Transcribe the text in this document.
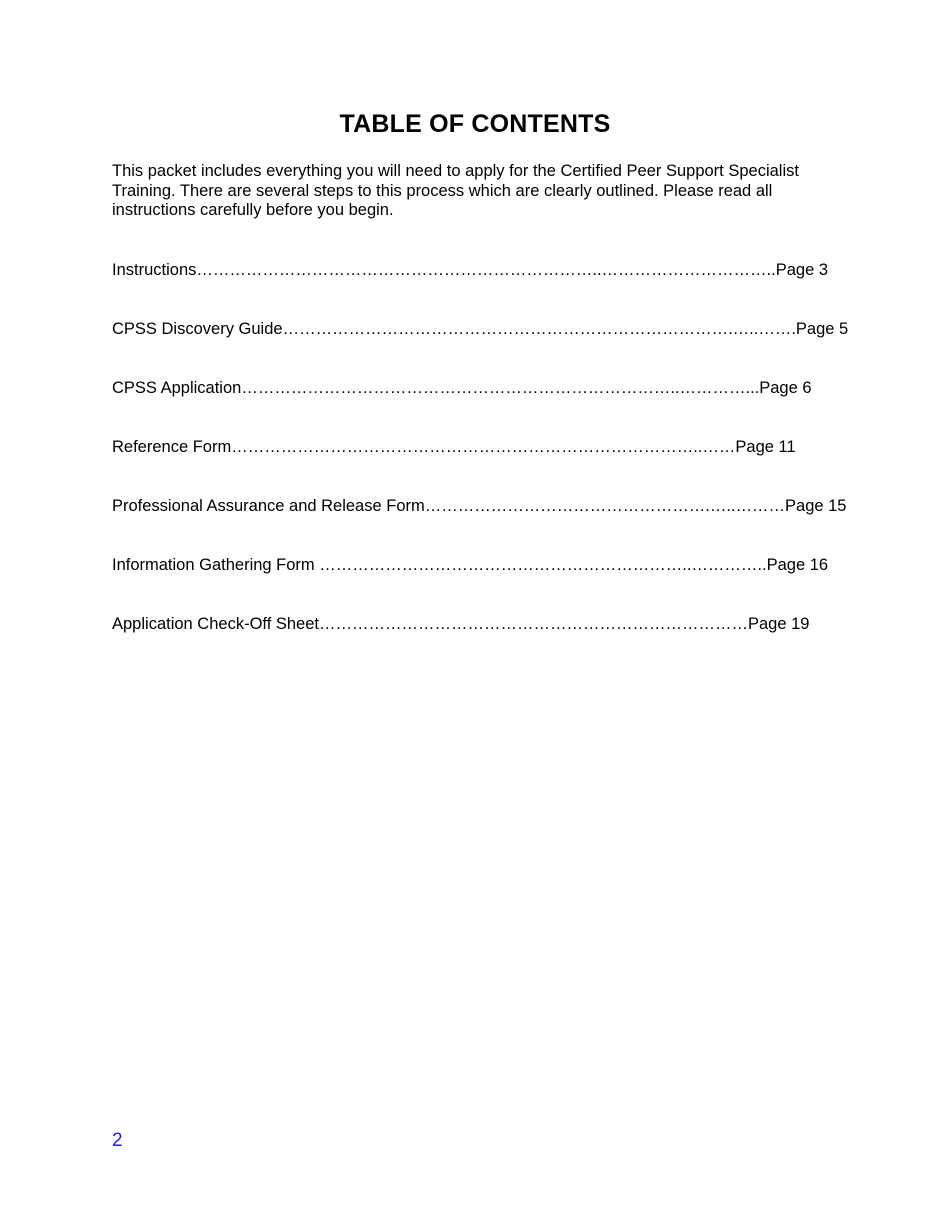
TABLE OF CONTENTS

This packet includes everything you will need to apply for the Certified Peer Support Specialist Training. There are several steps to this process which are clearly outlined. Please read all instructions carefully before you begin.

Instructions………………………………………………………………..…………………………..Page 3
CPSS Discovery Guide……………………………………………………………………….…..…….Page 5
CPSS Application……………………………………………………………………..…………...Page 6
Reference Form…………………………………………………………………………..……Page 11
Professional Assurance and Release Form…………………………………………….…..………Page 15
Information Gathering Form …………………………………………………………..…………..Page 16
Application Check-Off Sheet……………………………………………………………………Page 19
2
